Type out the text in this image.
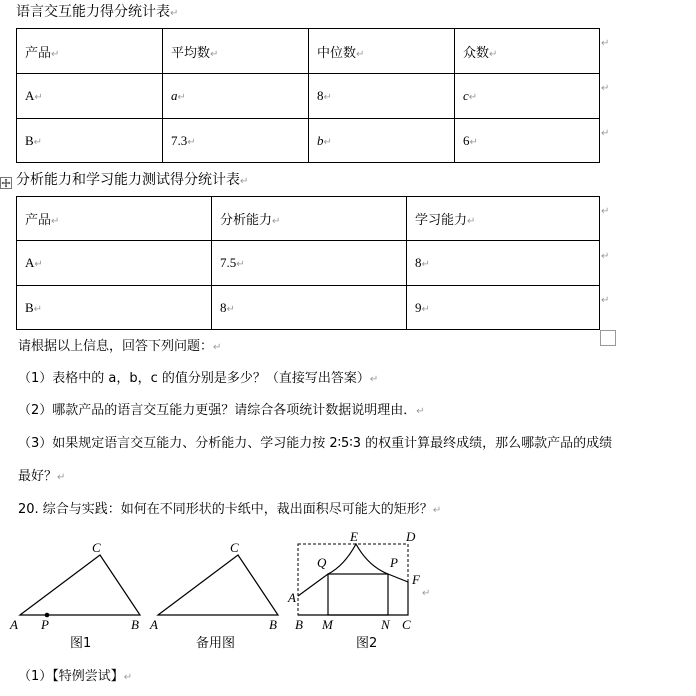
语言交互能力得分统计表↵
产品↵	平均数↵	中位数↵	众数↵
A↵	a↵	8↵	c↵
B↵	7.3↵	b↵	6↵
↵
↵
↵
分析能力和学习能力测试得分统计表↵
产品↵	分析能力↵	学习能力↵
A↵	7.5↵	8↵
B↵	8↵	9↵
↵
↵
↵
请根据以上信息，回答下列问题：↵
（1）表格中的 a，b，c 的值分别是多少？（直接写出答案）↵
（2）哪款产品的语言交互能力更强？请综合各项统计数据说明理由．↵
（3）如果规定语言交互能力、分析能力、学习能力按 2∶5∶3 的权重计算最终成绩，那么哪款产品的成绩
最好？↵
20. 综合与实践：如何在不同形状的卡纸中，裁出面积尽可能大的矩形？↵
A P	B
C
图1
A	B
C
备用图
E	D
Q	P
F
A
B M	N C
图2
↵
（1）【特例尝试】↵
